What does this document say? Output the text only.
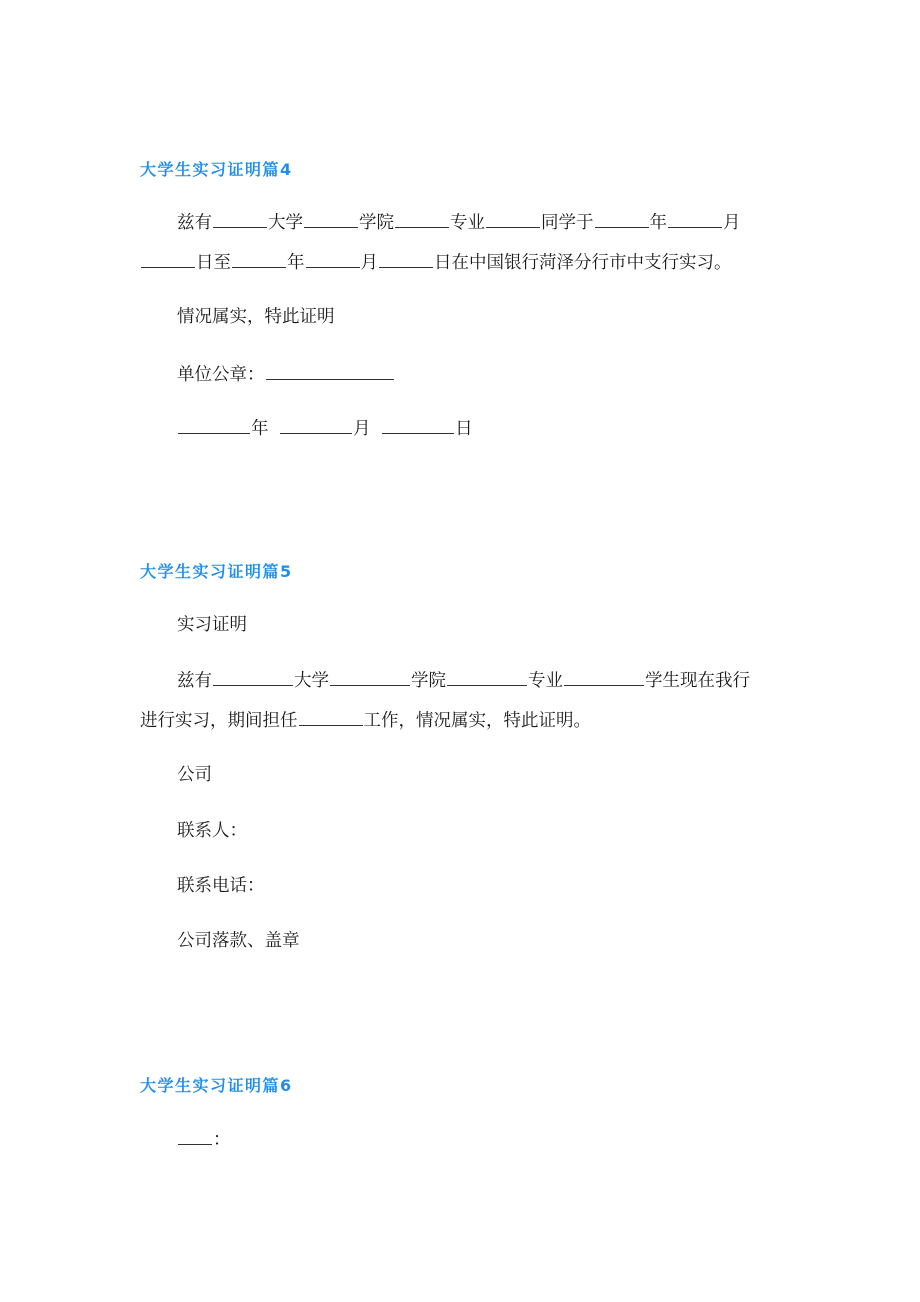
大学生实习证明篇4
兹有	大学	学院	专业	同学于	年	月
日至	年	月	日在中国银行菏泽分行市中支行实习。
情况属实，特此证明
单位公章：
年	月	日
大学生实习证明篇5
实习证明
兹有	大学	学院	专业	学生现在我行
进行实习，期间担任	工作，情况属实，特此证明。
公司
联系人：
联系电话：
公司落款、盖章
大学生实习证明篇6
：
